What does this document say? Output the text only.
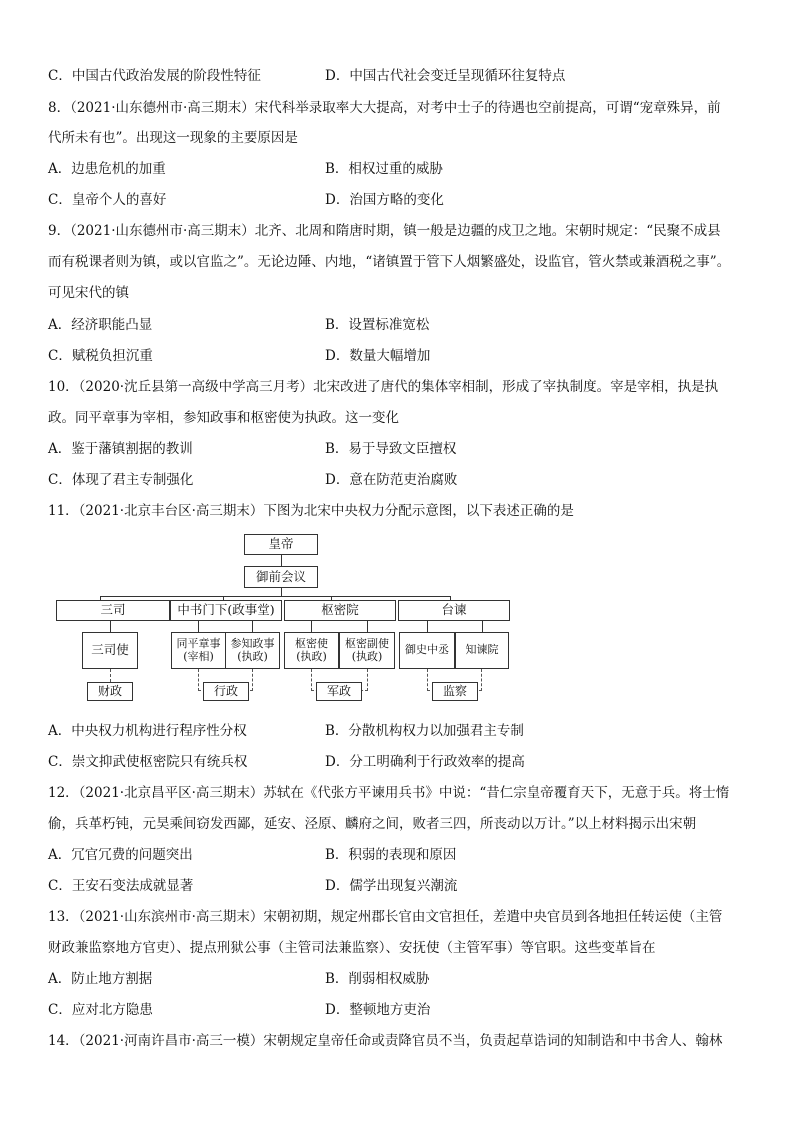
C．中国古代政治发展的阶段性特征	D．中国古代社会变迁呈现循环往复特点
8．（2021·山东德州市·高三期末）宋代科举录取率大大提高，对考中士子的待遇也空前提高，可谓“宠章殊异，前
代所未有也”。出现这一现象的主要原因是
A．边患危机的加重	B．相权过重的威胁
C．皇帝个人的喜好	D．治国方略的变化
9．（2021·山东德州市·高三期末）北齐、北周和隋唐时期，镇一般是边疆的戍卫之地。宋朝时规定：“民聚不成县
而有税课者则为镇，或以官监之”。无论边陲、内地，“诸镇置于管下人烟繁盛处，设监官，管火禁或兼酒税之事”。
可见宋代的镇
A．经济职能凸显	B．设置标准宽松
C．赋税负担沉重	D．数量大幅增加
10．（2020·沈丘县第一高级中学高三月考）北宋改进了唐代的集体宰相制，形成了宰执制度。宰是宰相，执是执
政。同平章事为宰相，参知政事和枢密使为执政。这一变化
A．鉴于藩镇割据的教训	B．易于导致文臣擅权
C．体现了君主专制强化	D．意在防范吏治腐败
11．（2021·北京丰台区·高三期末）下图为北宋中央权力分配示意图，以下表述正确的是
皇帝
御前会议
三司	中书门下(政事堂)	枢密院	台谏
三司使	同平章事
(宰相)
参知政事
(执政)
枢密使
(执政)
枢密副使
(执政)	御史中丞	知谏院
财政	行政	军政	监察
A．中央权力机构进行程序性分权	B．分散机构权力以加强君主专制
C．崇文抑武使枢密院只有统兵权	D．分工明确利于行政效率的提高
12．（2021·北京昌平区·高三期末）苏轼在《代张方平谏用兵书》中说：“昔仁宗皇帝覆育天下，无意于兵。将士惰
偷，兵革朽钝，元昊乘间窃发西鄙，延安、泾原、麟府之间，败者三四，所丧动以万计。”以上材料揭示出宋朝
A．冗官冗费的问题突出	B．积弱的表现和原因
C．王安石变法成就显著	D．儒学出现复兴潮流
13．（2021·山东滨州市·高三期末）宋朝初期，规定州郡长官由文官担任，差遣中央官员到各地担任转运使（主管
财政兼监察地方官吏）、提点刑狱公事（主管司法兼监察）、安抚使（主管军事）等官职。这些变革旨在
A．防止地方割据	B．削弱相权威胁
C．应对北方隐患	D．整顿地方吏治
14．（2021·河南许昌市·高三一模）宋朝规定皇帝任命或责降官员不当，负责起草诰词的知制诰和中书舍人、翰林
